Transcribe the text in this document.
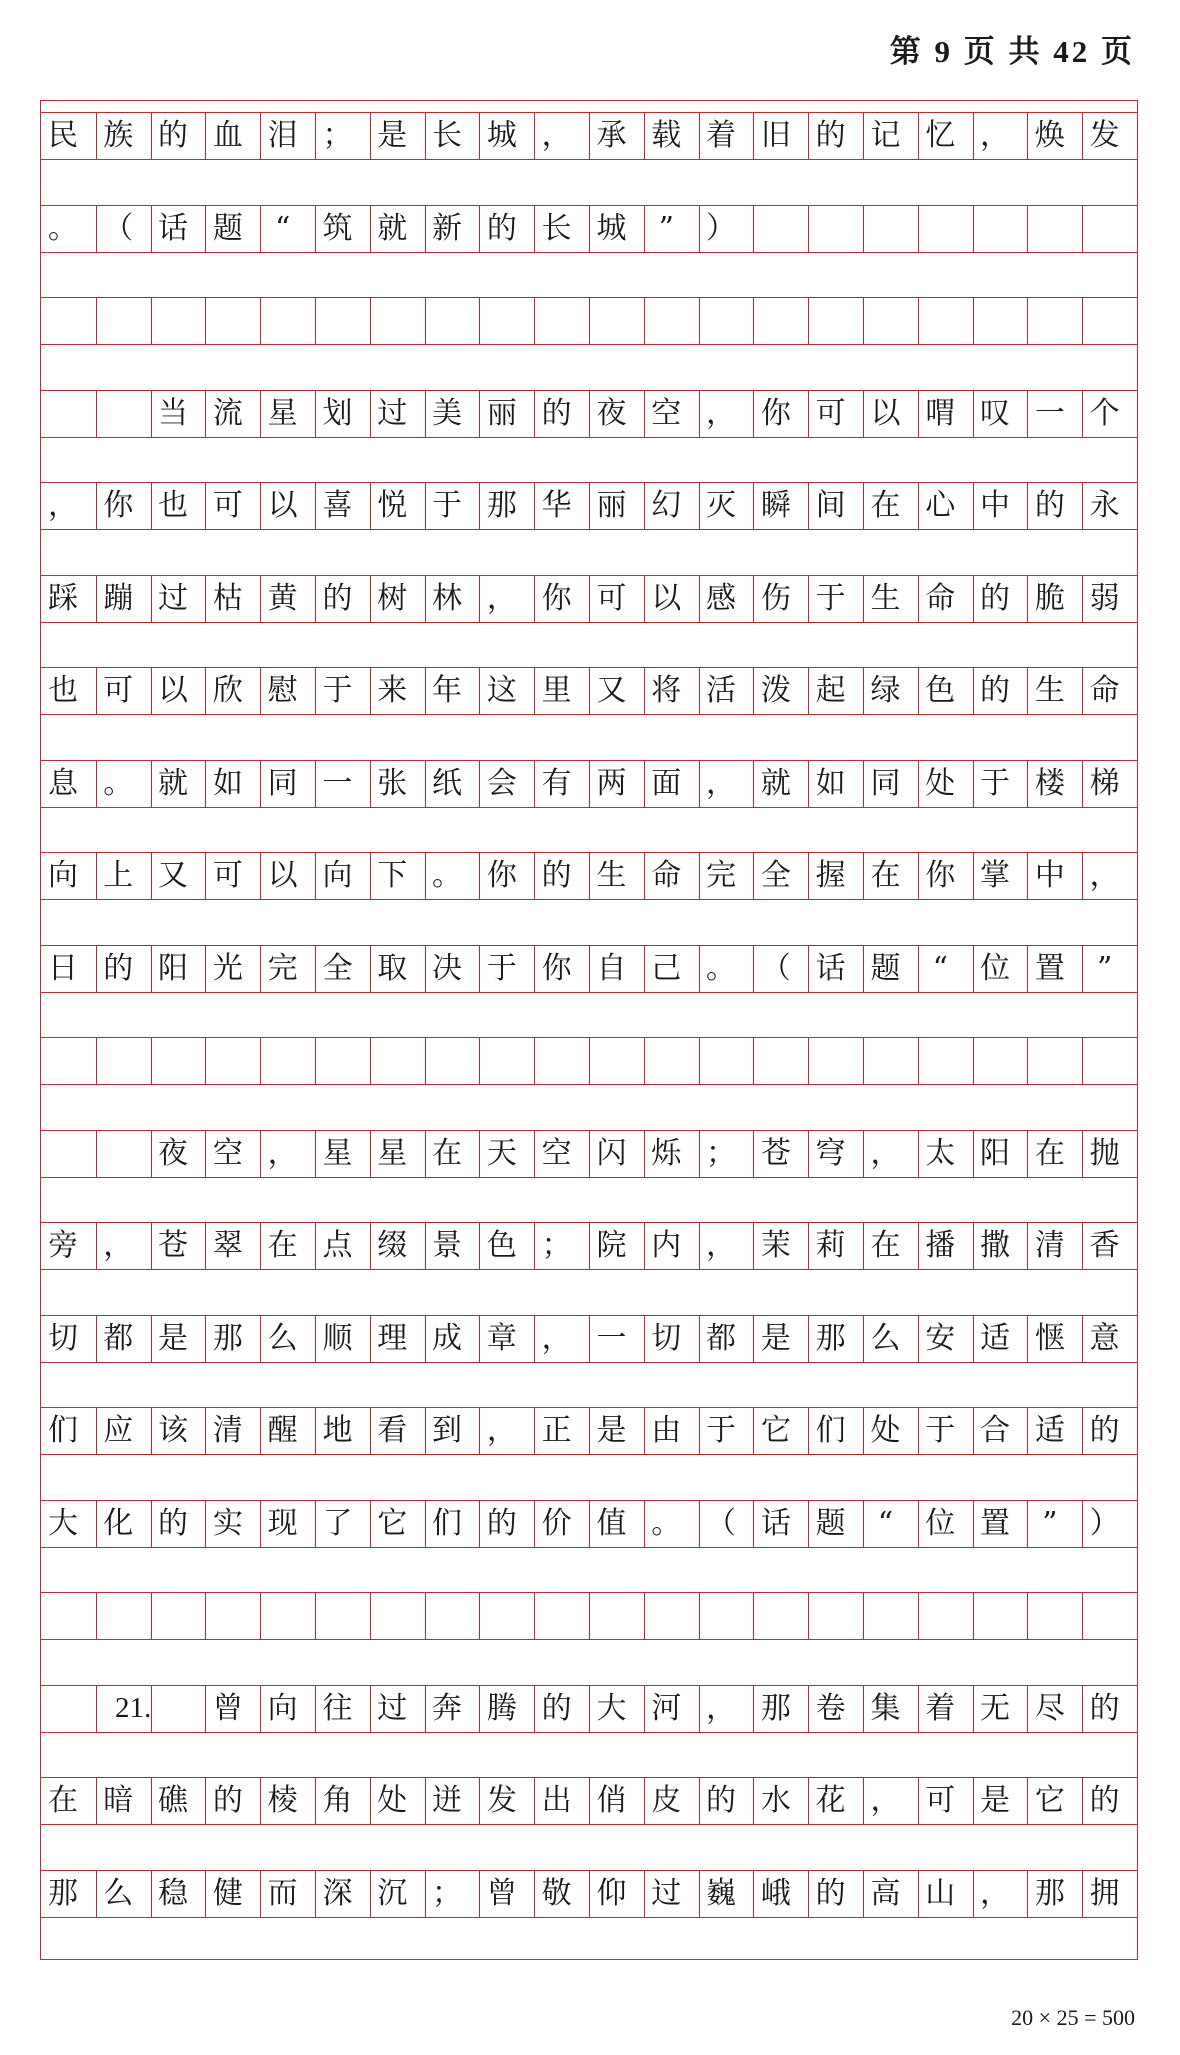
第 9 页 共 42 页
民 族 的 血 泪 ； 是 长 城 ， 承 载 着 旧 的 记 忆 ， 焕 发
。 （ 话 题	“	筑 就 新 的 长 城	”	）
当 流 星 划 过 美 丽 的 夜 空 ， 你 可 以 喟 叹 一 个
， 你 也 可 以 喜 悦 于 那 华 丽 幻 灭 瞬 间 在 心 中 的 永
踩 蹦 过 枯 黄 的 树 林 ， 你 可 以 感 伤 于 生 命 的 脆 弱
也 可 以 欣 慰 于 来 年 这 里 又 将 活 泼 起 绿 色 的 生 命
息 。 就 如 同 一 张 纸 会 有 两 面 ， 就 如 同 处 于 楼 梯
向 上 又 可 以 向 下 。 你 的 生 命 完 全 握 在 你 掌 中 ，
日 的 阳 光 完 全 取 决 于 你 自 己 。 （ 话 题	“	位 置	”
夜 空 ， 星 星 在 天 空 闪 烁 ； 苍 穹 ， 太 阳 在 抛
旁 ， 苍 翠 在 点 缀 景 色 ； 院 内 ， 茉 莉 在 播 撒 清 香
切 都 是 那 么 顺 理 成 章 ， 一 切 都 是 那 么 安 适 惬 意
们 应 该 清 醒 地 看 到 ， 正 是 由 于 它 们 处 于 合 适 的
大 化 的 实 现 了 它 们 的 价 值 。 （ 话 题	“	位 置	”	）
曾 向 往 过 奔 腾 的 大 河 ， 那 卷 集 着 无 尽 的
21.
在 暗 礁 的 棱 角 处 迸 发 出 俏 皮 的 水 花 ， 可 是 它 的
那 么 稳 健 而 深 沉 ； 曾 敬 仰 过 巍 峨 的 高 山 ， 那 拥
20 × 25 = 500
